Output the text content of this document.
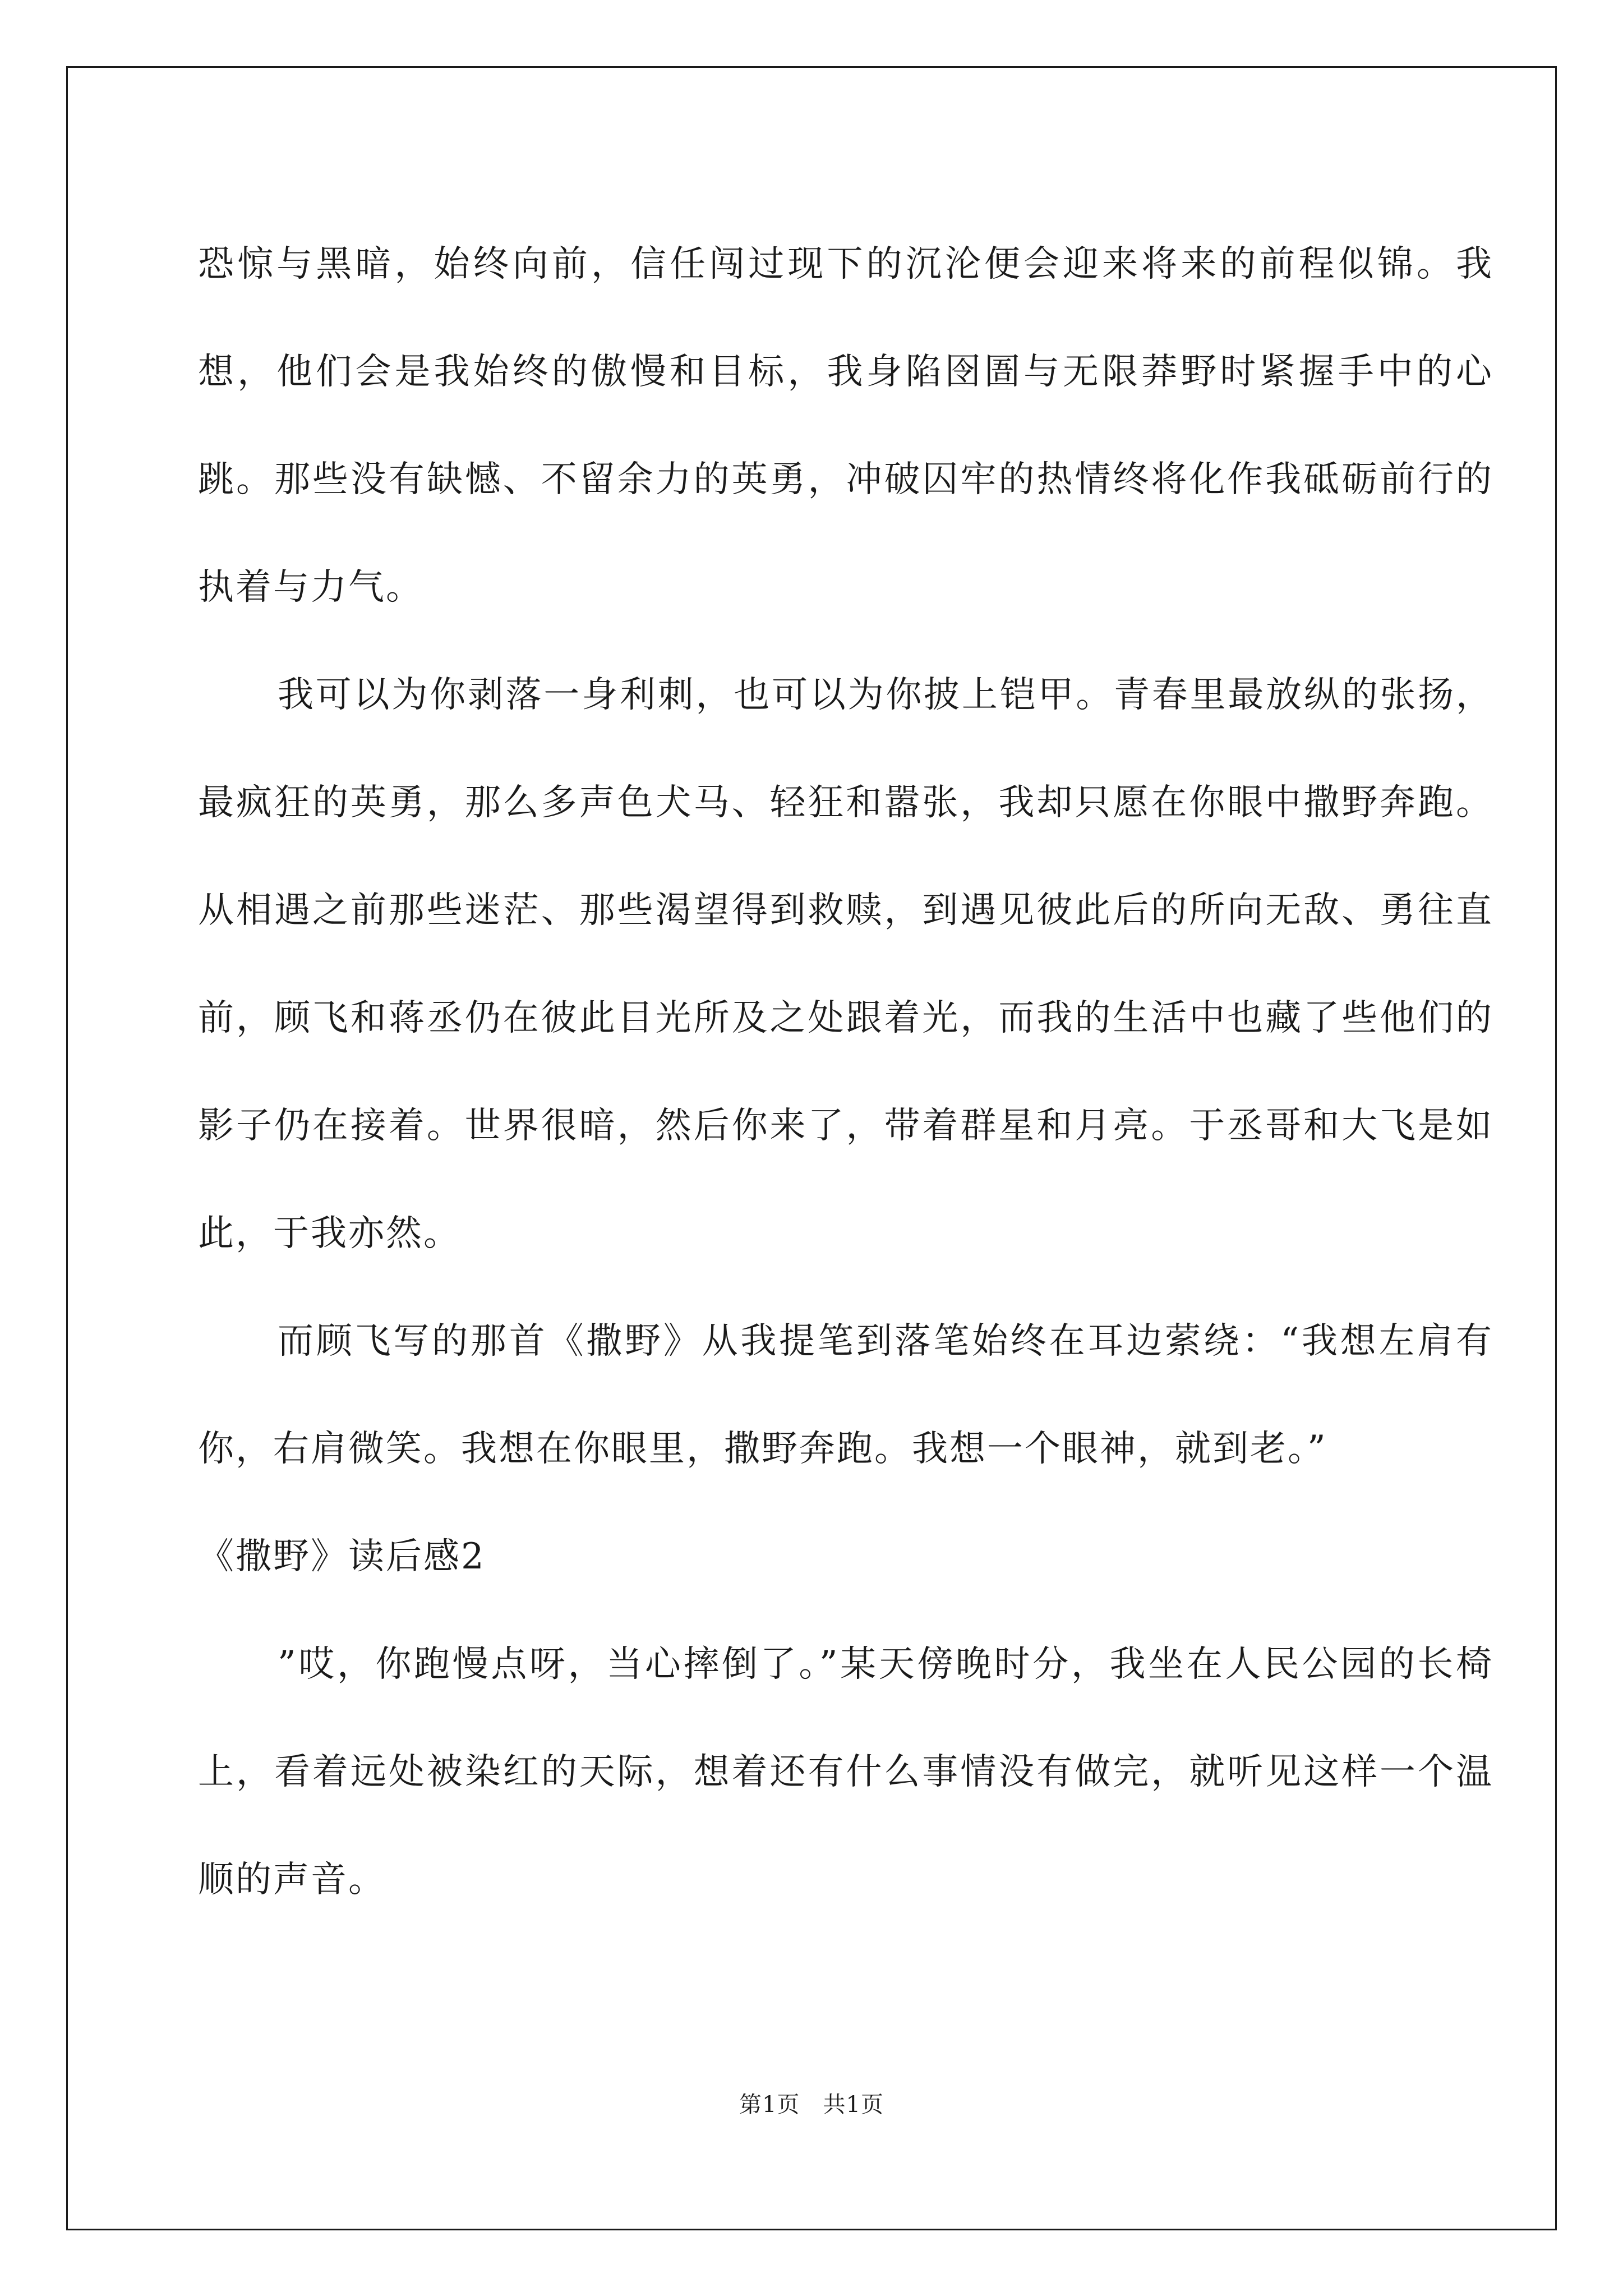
恐惊与黑暗，始终向前，信任闯过现下的沉沦便会迎来将来的前程似锦。我想，他们会是我始终的傲慢和目标，我身陷囹圄与无限莽野时紧握手中的心跳。那些没有缺憾、不留余力的英勇，冲破囚牢的热情终将化作我砥砺前行的执着与力气。

我可以为你剥落一身利刺，也可以为你披上铠甲。青春里最放纵的张扬，最疯狂的英勇，那么多声色犬马、轻狂和嚣张，我却只愿在你眼中撒野奔跑。从相遇之前那些迷茫、那些渴望得到救赎，到遇见彼此后的所向无敌、勇往直前，顾飞和蒋丞仍在彼此目光所及之处跟着光，而我的生活中也藏了些他们的影子仍在接着。世界很暗，然后你来了，带着群星和月亮。于丞哥和大飞是如此，于我亦然。

而顾飞写的那首《撒野》从我提笔到落笔始终在耳边萦绕：“我想左肩有你，右肩微笑。我想在你眼里，撒野奔跑。我想一个眼神，就到老。”

《撒野》读后感2

”哎，你跑慢点呀，当心摔倒了。”某天傍晚时分，我坐在人民公园的长椅上，看着远处被染红的天际，想着还有什么事情没有做完，就听见这样一个温顺的声音。

第1页   共1页
